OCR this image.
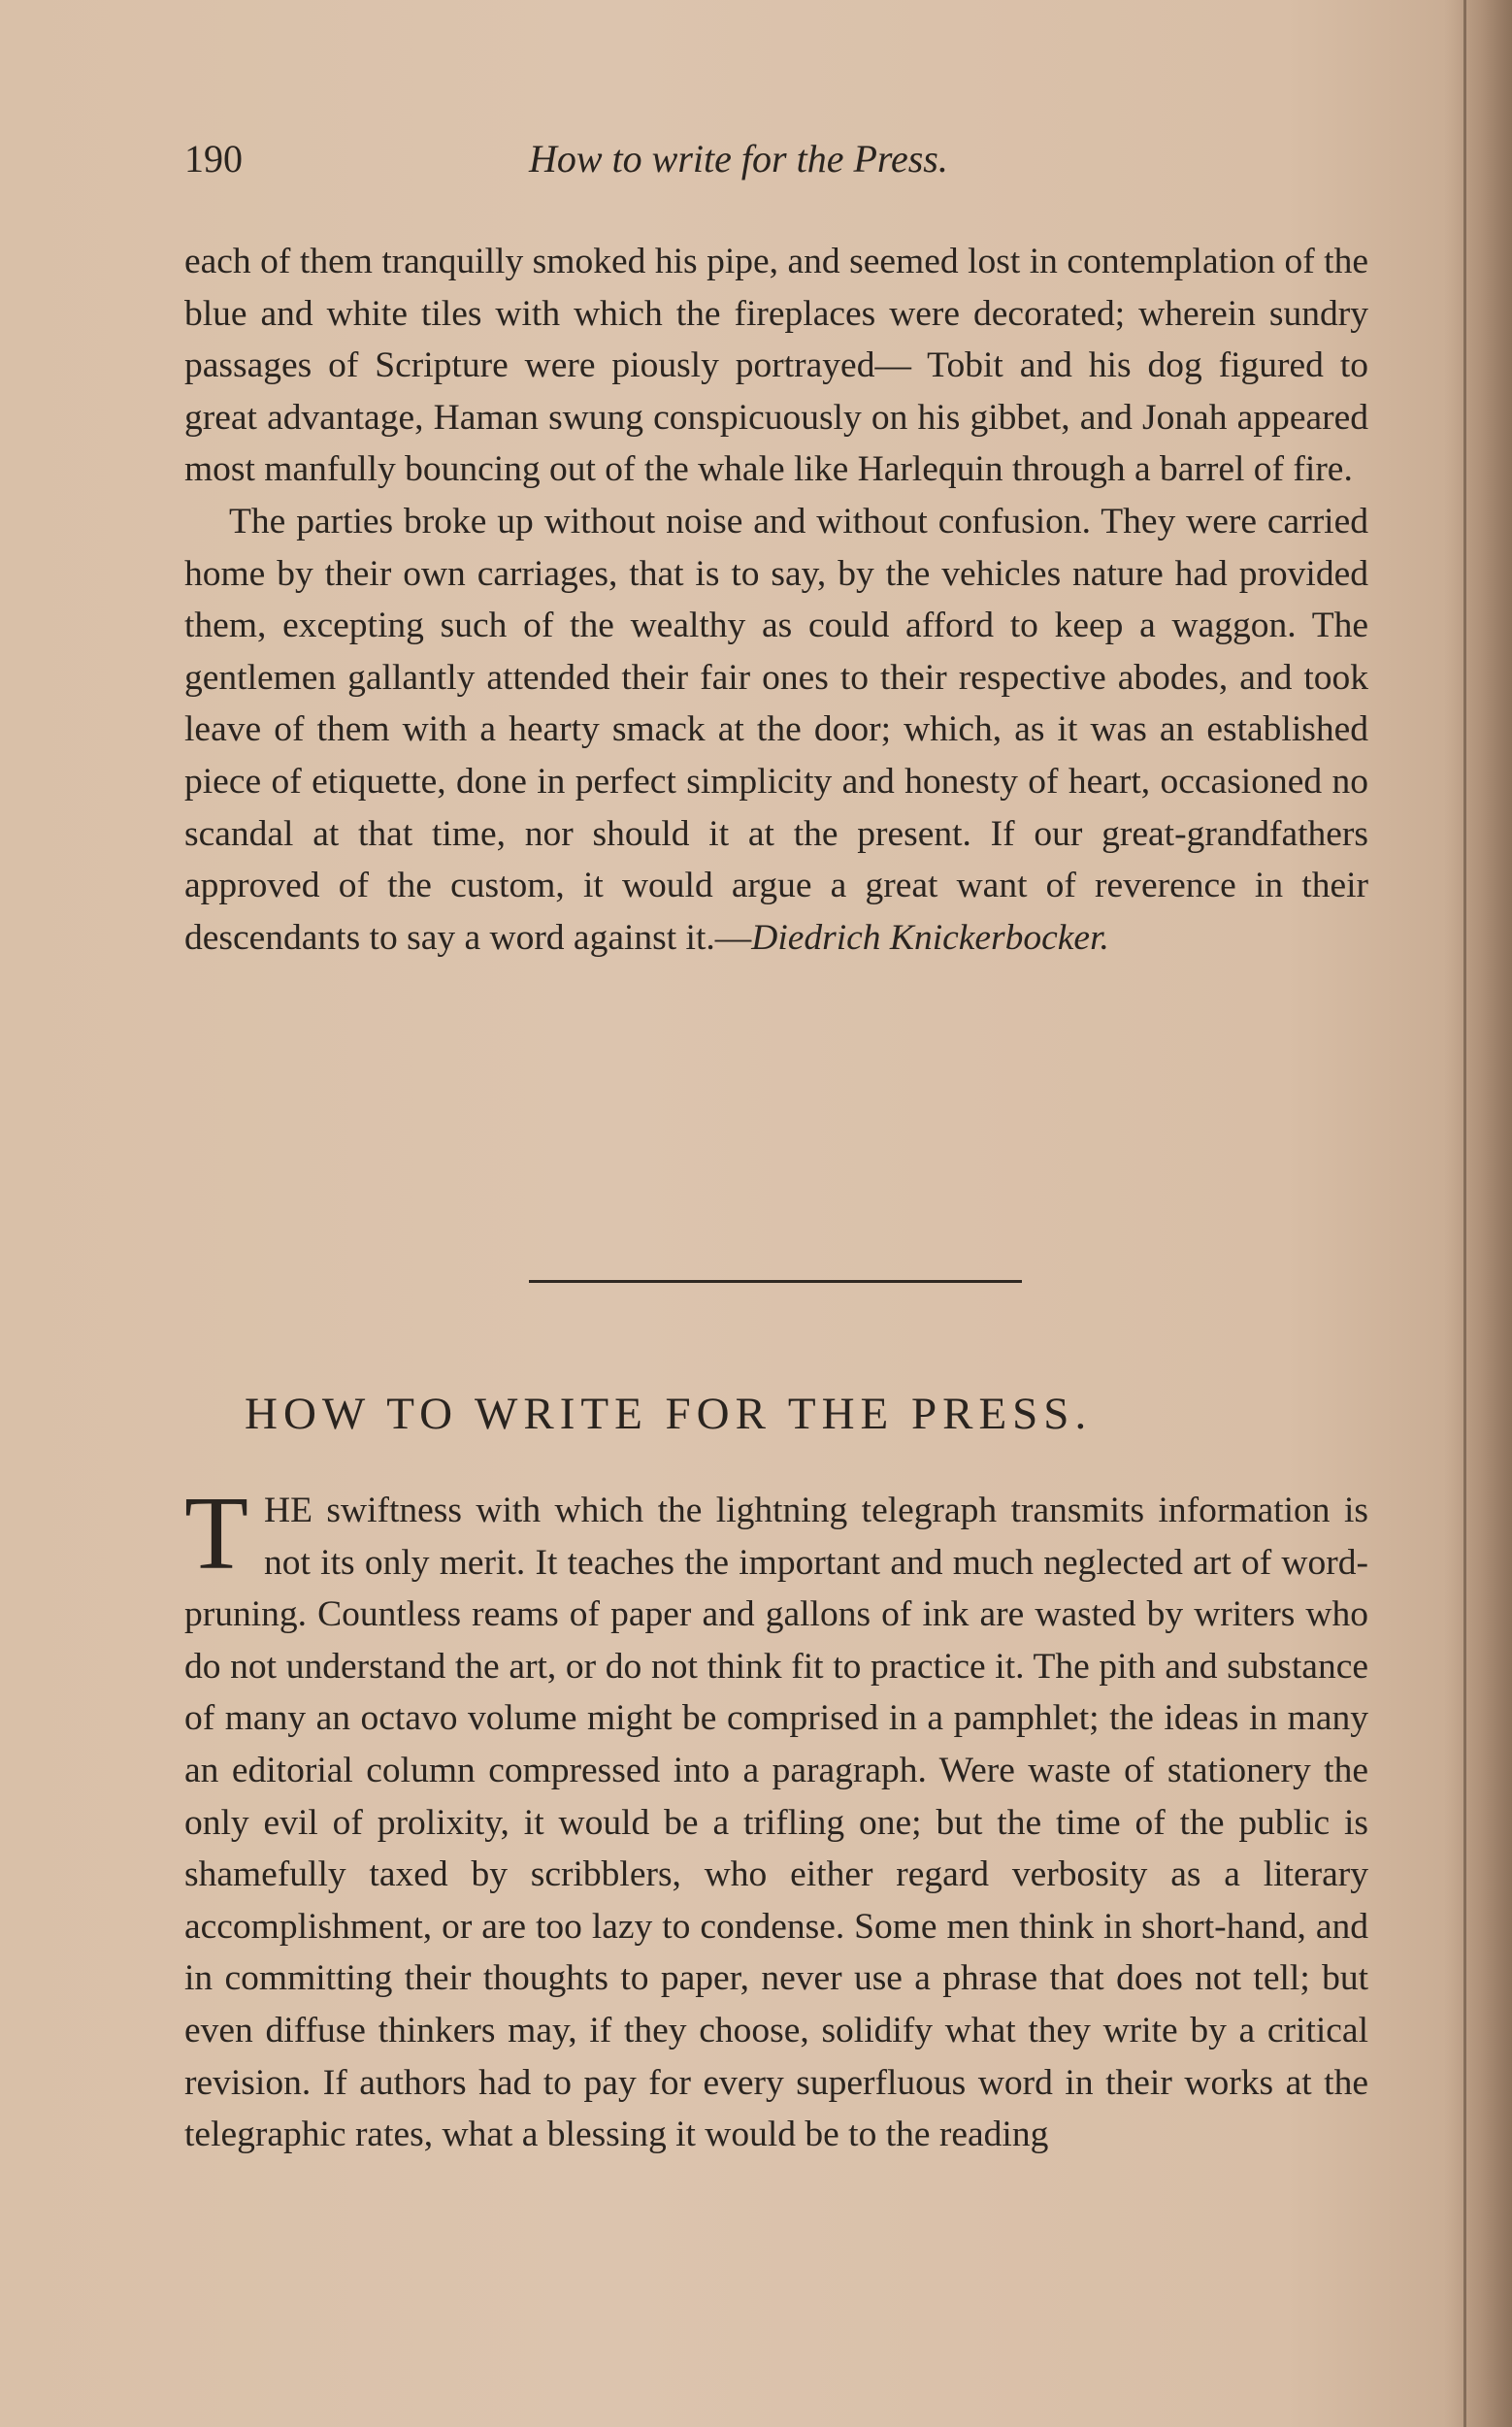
190	How to write for the Press.

each of them tranquilly smoked his pipe, and seemed lost in contemplation of the blue and white tiles with which the fireplaces were decorated; wherein sundry passages of Scripture were piously portrayed— Tobit and his dog figured to great advantage, Haman swung conspicuously on his gibbet, and Jonah appeared most manfully bouncing out of the whale like Harlequin through a barrel of fire.

The parties broke up without noise and without confusion. They were carried home by their own carriages, that is to say, by the vehicles nature had provided them, excepting such of the wealthy as could afford to keep a waggon. The gentlemen gallantly attended their fair ones to their respective abodes, and took leave of them with a hearty smack at the door; which, as it was an established piece of etiquette, done in perfect simplicity and honesty of heart, occasioned no scandal at that time, nor should it at the present. If our great-grandfathers approved of the custom, it would argue a great want of reverence in their descendants to say a word against it.—Diedrich Knickerbocker.

HOW TO WRITE FOR THE PRESS.

THE swiftness with which the lightning telegraph transmits information is not its only merit. It teaches the important and much neglected art of word-pruning. Countless reams of paper and gallons of ink are wasted by writers who do not understand the art, or do not think fit to practice it. The pith and substance of many an octavo volume might be comprised in a pamphlet; the ideas in many an editorial column compressed into a paragraph. Were waste of stationery the only evil of prolixity, it would be a trifling one; but the time of the public is shamefully taxed by scribblers, who either regard verbosity as a literary accomplishment, or are too lazy to condense. Some men think in short-hand, and in committing their thoughts to paper, never use a phrase that does not tell; but even diffuse thinkers may, if they choose, solidify what they write by a critical revision. If authors had to pay for every superfluous word in their works at the telegraphic rates, what a blessing it would be to the reading
